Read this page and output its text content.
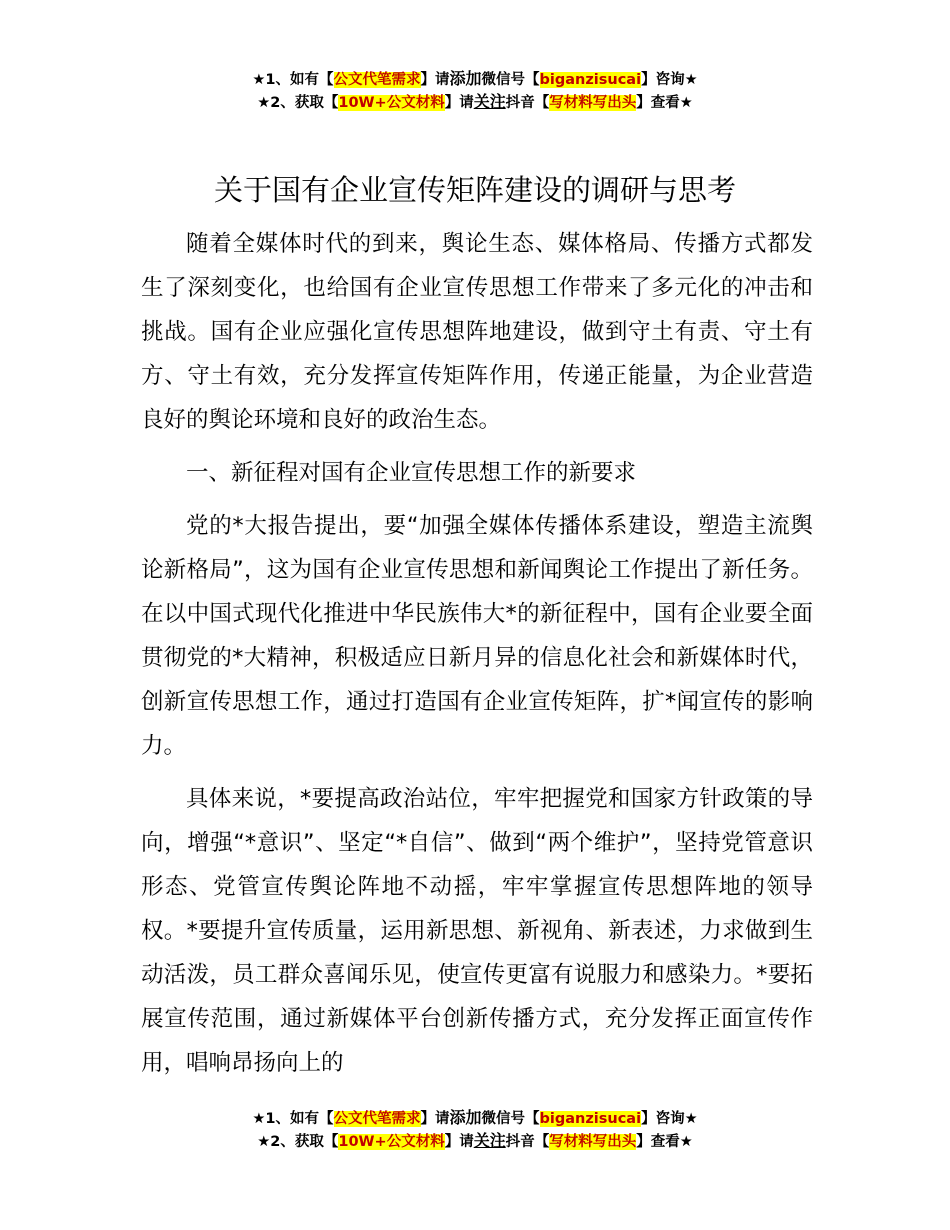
★1、如有【公文代笔需求】请添加微信号【biganzisucai】咨询★
★2、获取【10W+公文材料】请关注抖音【写材料写出头】查看★
关于国有企业宣传矩阵建设的调研与思考

随着全媒体时代的到来，舆论生态、媒体格局、传播方式都发生了深刻变化，也给国有企业宣传思想工作带来了多元化的冲击和挑战。国有企业应强化宣传思想阵地建设，做到守土有责、守土有方、守土有效，充分发挥宣传矩阵作用，传递正能量，为企业营造良好的舆论环境和良好的政治生态。

一、新征程对国有企业宣传思想工作的新要求

党的*大报告提出，要“加强全媒体传播体系建设，塑造主流舆论新格局”，这为国有企业宣传思想和新闻舆论工作提出了新任务。在以中国式现代化推进中华民族伟大*的新征程中，国有企业要全面贯彻党的*大精神，积极适应日新月异的信息化社会和新媒体时代，创新宣传思想工作，通过打造国有企业宣传矩阵，扩*闻宣传的影响力。

具体来说，*要提高政治站位，牢牢把握党和国家方针政策的导向，增强“*意识”、坚定“*自信”、做到“两个维护”，坚持党管意识形态、党管宣传舆论阵地不动摇，牢牢掌握宣传思想阵地的领导权。*要提升宣传质量，运用新思想、新视角、新表述，力求做到生动活泼，员工群众喜闻乐见，使宣传更富有说服力和感染力。*要拓展宣传范围，通过新媒体平台创新传播方式，充分发挥正面宣传作用，唱响昂扬向上的

★1、如有【公文代笔需求】请添加微信号【biganzisucai】咨询★
★2、获取【10W+公文材料】请关注抖音【写材料写出头】查看★
